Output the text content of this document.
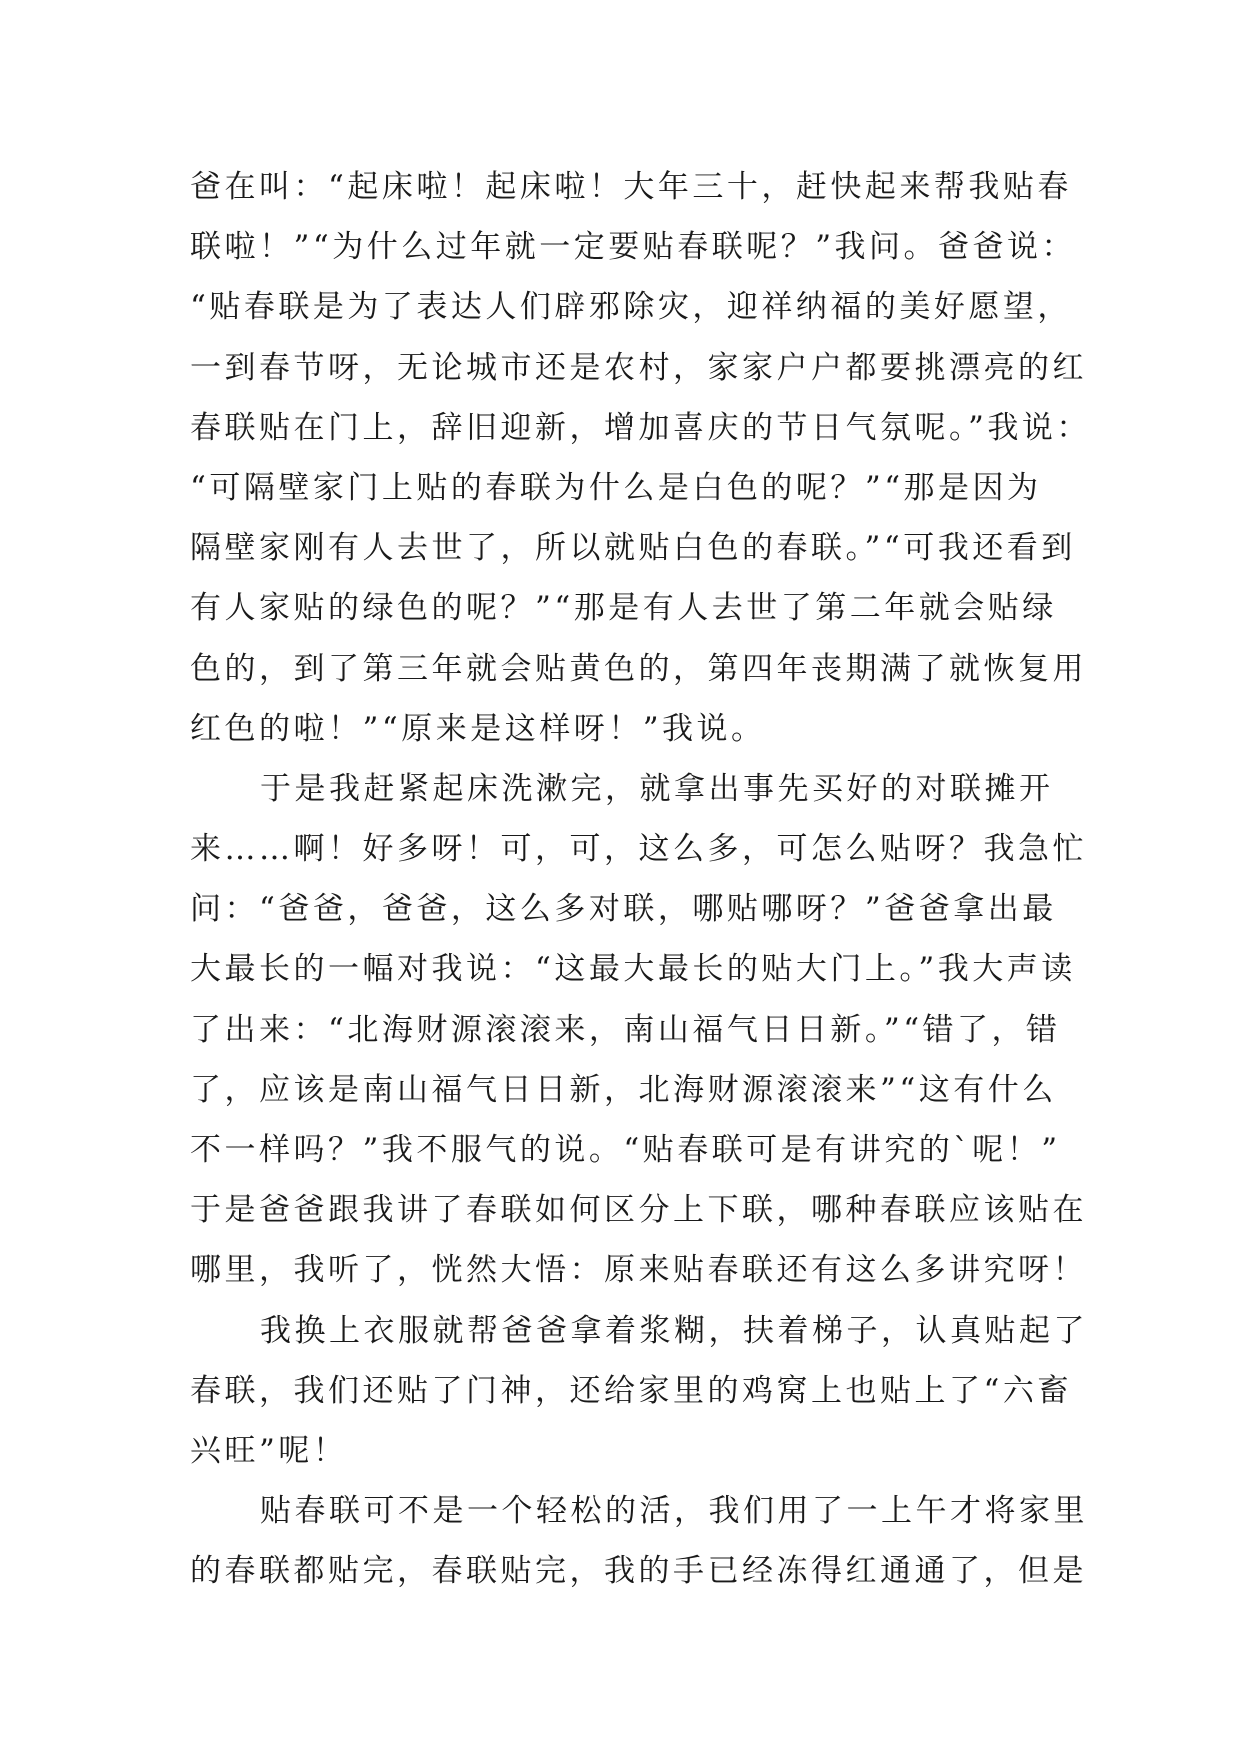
爸在叫：“起床啦！起床啦！大年三十，赶快起来帮我贴春
联啦！”“为什么过年就一定要贴春联呢？”我问。爸爸说：
“贴春联是为了表达人们辟邪除灾，迎祥纳福的美好愿望，
一到春节呀，无论城市还是农村，家家户户都要挑漂亮的红
春联贴在门上，辞旧迎新，增加喜庆的节日气氛呢。”我说：
“可隔壁家门上贴的春联为什么是白色的呢？”“那是因为
隔壁家刚有人去世了，所以就贴白色的春联。”“可我还看到
有人家贴的绿色的呢？”“那是有人去世了第二年就会贴绿
色的，到了第三年就会贴黄色的，第四年丧期满了就恢复用
红色的啦！”“原来是这样呀！”我说。
于是我赶紧起床洗漱完，就拿出事先买好的对联摊开
来……啊！好多呀！可，可，这么多，可怎么贴呀？我急忙
问：“爸爸，爸爸，这么多对联，哪贴哪呀？”爸爸拿出最
大最长的一幅对我说：“这最大最长的贴大门上。”我大声读
了出来：“北海财源滚滚来，南山福气日日新。”“错了，错
了，应该是南山福气日日新，北海财源滚滚来”“这有什么
不一样吗？”我不服气的说。“贴春联可是有讲究的`呢！”
于是爸爸跟我讲了春联如何区分上下联，哪种春联应该贴在
哪里，我听了，恍然大悟：原来贴春联还有这么多讲究呀！
我换上衣服就帮爸爸拿着浆糊，扶着梯子，认真贴起了
春联，我们还贴了门神，还给家里的鸡窝上也贴上了“六畜
兴旺”呢！
贴春联可不是一个轻松的活，我们用了一上午才将家里
的春联都贴完，春联贴完，我的手已经冻得红通通了，但是
